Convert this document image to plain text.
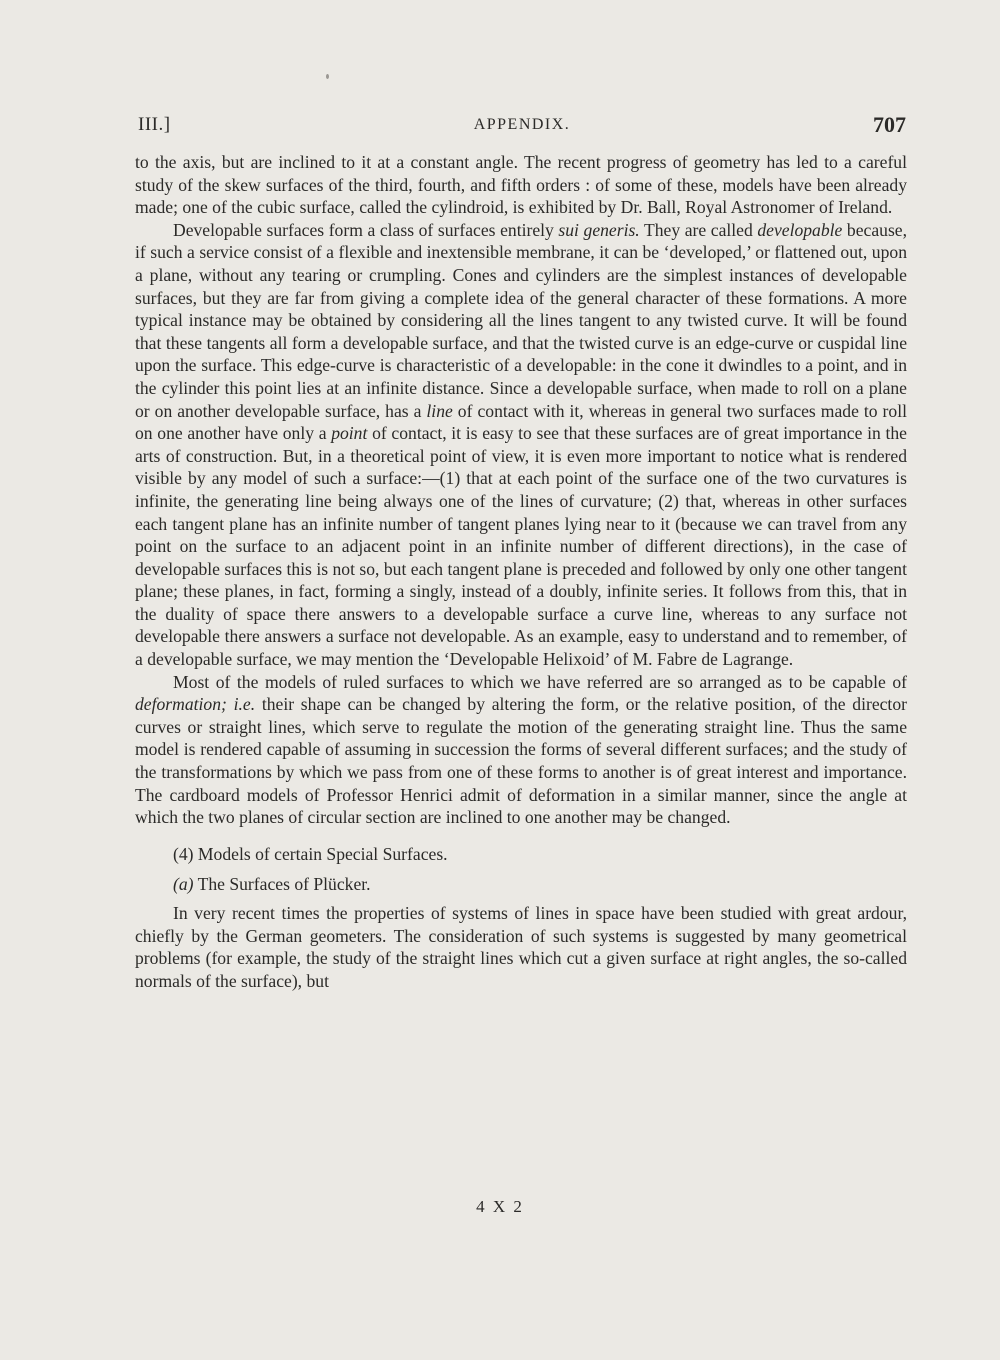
III.]	APPENDIX.	707

to the axis, but are inclined to it at a constant angle. The recent progress of geometry has led to a careful study of the skew surfaces of the third, fourth, and fifth orders : of some of these, models have been already made; one of the cubic surface, called the cylindroid, is exhibited by Dr. Ball, Royal Astronomer of Ireland.

Developable surfaces form a class of surfaces entirely sui generis. They are called developable because, if such a service consist of a flexible and inextensible membrane, it can be ‘developed,’ or flattened out, upon a plane, without any tearing or crumpling. Cones and cylinders are the simplest instances of developable surfaces, but they are far from giving a complete idea of the general character of these formations. A more typical instance may be obtained by considering all the lines tangent to any twisted curve. It will be found that these tangents all form a developable surface, and that the twisted curve is an edge-curve or cuspidal line upon the surface. This edge-curve is characteristic of a developable: in the cone it dwindles to a point, and in the cylinder this point lies at an infinite distance. Since a developable surface, when made to roll on a plane or on another developable surface, has a line of contact with it, whereas in general two surfaces made to roll on one another have only a point of contact, it is easy to see that these surfaces are of great importance in the arts of construction. But, in a theoretical point of view, it is even more important to notice what is rendered visible by any model of such a surface:—(1) that at each point of the surface one of the two curvatures is infinite, the generating line being always one of the lines of curvature; (2) that, whereas in other surfaces each tangent plane has an infinite number of tangent planes lying near to it (because we can travel from any point on the surface to an adjacent point in an infinite number of different directions), in the case of developable surfaces this is not so, but each tangent plane is preceded and followed by only one other tangent plane; these planes, in fact, forming a singly, instead of a doubly, infinite series. It follows from this, that in the duality of space there answers to a developable surface a curve line, whereas to any surface not developable there answers a surface not developable. As an example, easy to understand and to remember, of a developable surface, we may mention the ‘Developable Helixoid’ of M. Fabre de Lagrange.

Most of the models of ruled surfaces to which we have referred are so arranged as to be capable of deformation; i.e. their shape can be changed by altering the form, or the relative position, of the director curves or straight lines, which serve to regulate the motion of the generating straight line. Thus the same model is rendered capable of assuming in succession the forms of several different surfaces; and the study of the transformations by which we pass from one of these forms to another is of great interest and importance. The cardboard models of Professor Henrici admit of deformation in a similar manner, since the angle at which the two planes of circular section are inclined to one another may be changed.

(4) Models of certain Special Surfaces.

(a) The Surfaces of Plücker.

In very recent times the properties of systems of lines in space have been studied with great ardour, chiefly by the German geometers. The consideration of such systems is suggested by many geometrical problems (for example, the study of the straight lines which cut a given surface at right angles, the so-called normals of the surface), but

4 X 2
